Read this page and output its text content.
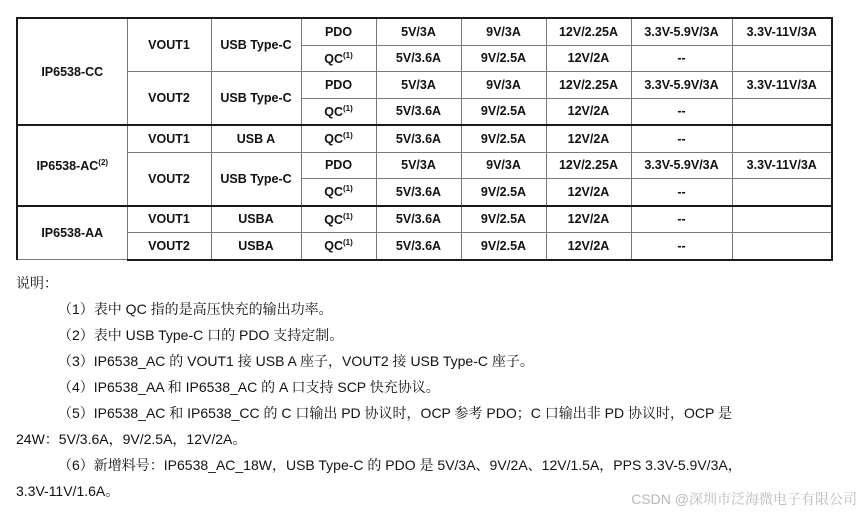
IP6538-CC	VOUT1	USB Type-C	PDO	5V/3A	9V/3A	12V/2.25A	3.3V-5.9V/3A	3.3V-11V/3A
			QC$^{(1)}$	5V/3.6A	9V/2.5A	12V/2A	--	
	VOUT2	USB Type-C	PDO	5V/3A	9V/3A	12V/2.25A	3.3V-5.9V/3A	3.3V-11V/3A
			QC$^{(1)}$	5V/3.6A	9V/2.5A	12V/2A	--	
IP6538-AC$^{(2)}$	VOUT1	USB A	QC$^{(1)}$	5V/3.6A	9V/2.5A	12V/2A	--	
	VOUT2	USB Type-C	PDO	5V/3A	9V/3A	12V/2.25A	3.3V-5.9V/3A	3.3V-11V/3A
			QC$^{(1)}$	5V/3.6A	9V/2.5A	12V/2A	--	
IP6538-AA	VOUT1	USBA	QC$^{(1)}$	5V/3.6A	9V/2.5A	12V/2A	--	
	VOUT2	USBA	QC$^{(1)}$	5V/3.6A	9V/2.5A	12V/2A	--	

说明：

（1）表中 QC 指的是高压快充的输出功率。

（2）表中 USB Type-C 口的 PDO 支持定制。

（3）IP6538_AC 的 VOUT1 接 USB A 座子，VOUT2 接 USB Type-C 座子。

（4）IP6538_AA 和 IP6538_AC 的 A 口支持 SCP 快充协议。

（5）IP6538_AC 和 IP6538_CC 的 C 口输出 PD 协议时，OCP 参考 PDO；C 口输出非 PD 协议时，OCP 是

24W：5V/3.6A，9V/2.5A，12V/2A。

（6）新增料号：IP6538_AC_18W，USB Type-C 的 PDO 是 5V/3A、9V/2A、12V/1.5A，PPS 3.3V-5.9V/3A，

3.3V-11V/1.6A。	CSDN @深圳市泛海微电子有限公司
